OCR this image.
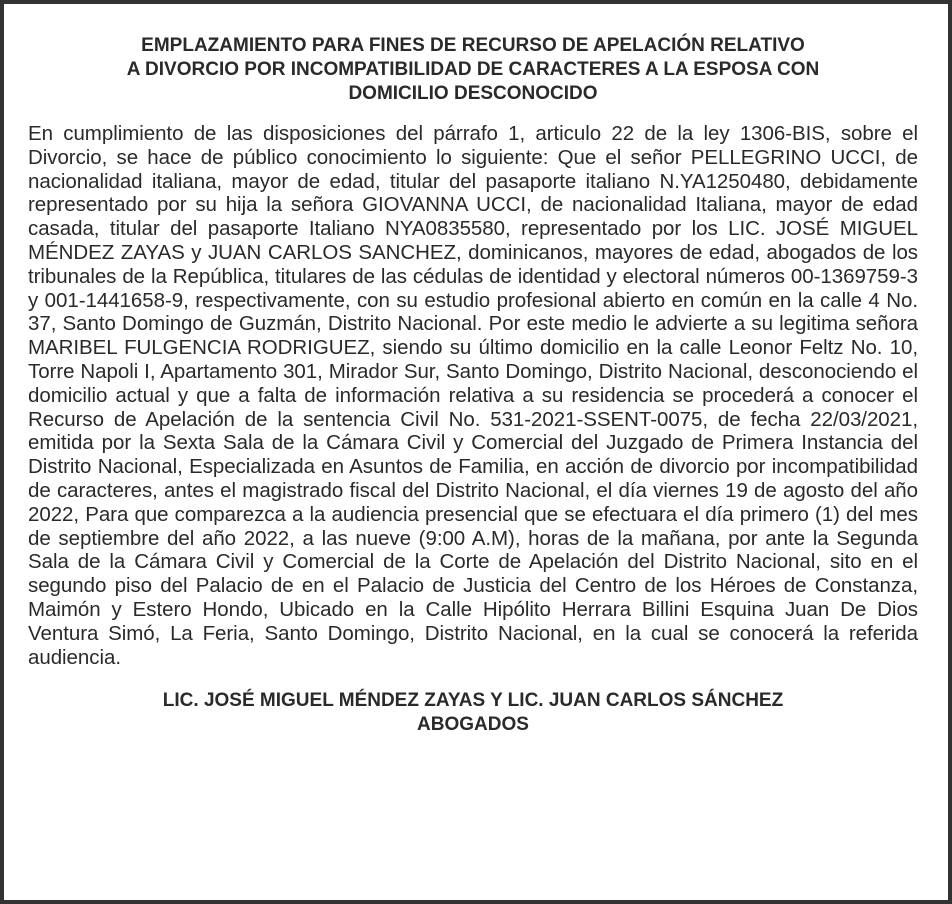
EMPLAZAMIENTO PARA FINES DE RECURSO DE APELACIÓN RELATIVO
A DIVORCIO POR INCOMPATIBILIDAD DE CARACTERES A LA ESPOSA CON
DOMICILIO DESCONOCIDO

En cumplimiento de las disposiciones del párrafo 1, articulo 22 de la ley 1306-BIS, sobre el Divorcio, se hace de público conocimiento lo siguiente: Que el señor PELLEGRINO UCCI, de nacionalidad italiana, mayor de edad, titular del pasaporte italiano N.YA1250480, debidamente representado por su hija la señora GIOVANNA UCCI, de nacionalidad Italiana, mayor de edad casada, titular del pasaporte Italiano NYA0835580, representado por los LIC. JOSÉ MIGUEL MÉNDEZ ZAYAS y JUAN CARLOS SANCHEZ, dominicanos, mayores de edad, abogados de los tribunales de la República, titulares de las cédulas de identidad y electoral números 00-1369759-3 y 001-1441658-9, respectivamente, con su estudio profesional abierto en común en la calle 4 No. 37, Santo Domingo de Guzmán, Distrito Nacional. Por este medio le advierte a su legitima señora MARIBEL FULGENCIA RODRIGUEZ, siendo su último domicilio en la calle Leonor Feltz No. 10, Torre Napoli I, Apartamento 301, Mirador Sur, Santo Domingo, Distrito Nacional, desconociendo el domicilio actual y que a falta de información relativa a su residencia se procederá a conocer el Recurso de Apelación de la sentencia Civil No. 531-2021-SSENT-0075, de fecha 22/03/2021, emitida por la Sexta Sala de la Cámara Civil y Comercial del Juzgado de Primera Instancia del Distrito Nacional, Especializada en Asuntos de Familia, en acción de divorcio por incompatibilidad de caracteres, antes el magistrado fiscal del Distrito Nacional, el día viernes 19 de agosto del año 2022, Para que comparezca a la audiencia presencial que se efectuara el día primero (1) del mes de septiembre del año 2022, a las nueve (9:00 A.M), horas de la mañana, por ante la Segunda Sala de la Cámara Civil y Comercial de la Corte de Apelación del Distrito Nacional, sito en el segundo piso del Palacio de en el Palacio de Justicia del Centro de los Héroes de Constanza, Maimón y Estero Hondo, Ubicado en la Calle Hipólito Herrara Billini Esquina Juan De Dios Ventura Simó, La Feria, Santo Domingo, Distrito Nacional, en la cual se conocerá la referida audiencia.

LIC. JOSÉ MIGUEL MÉNDEZ ZAYAS Y LIC. JUAN CARLOS SÁNCHEZ
ABOGADOS
